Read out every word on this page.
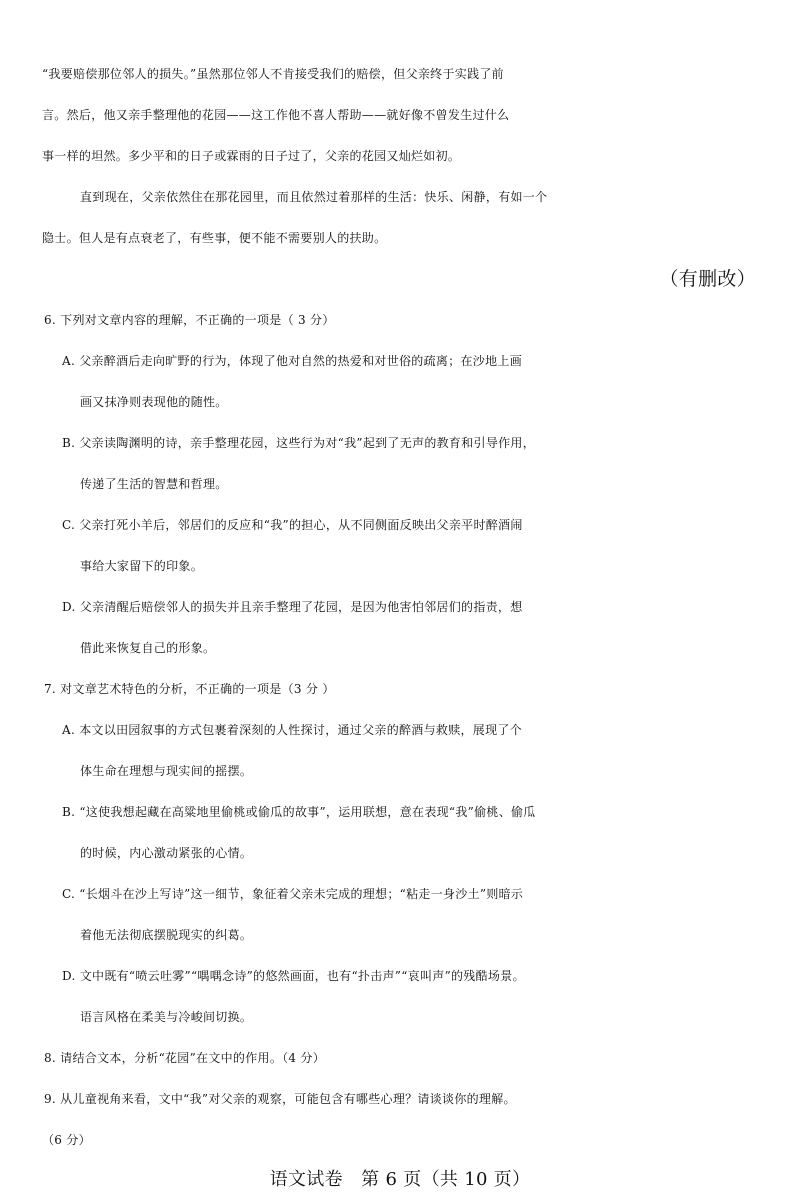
“我要赔偿那位邻人的损失。”虽然那位邻人不肯接受我们的赔偿，但父亲终于实践了前
言。然后，他又亲手整理他的花园——这工作他不喜人帮助——就好像不曾发生过什么
事一样的坦然。多少平和的日子或霖雨的日子过了，父亲的花园又灿烂如初。
直到现在，父亲依然住在那花园里，而且依然过着那样的生活：快乐、闲静，有如一个
隐士。但人是有点衰老了，有些事，便不能不需要别人的扶助。
（有删改）
6. 下列对文章内容的理解，不正确的一项是（ 3 分）
A. 父亲醉酒后走向旷野的行为，体现了他对自然的热爱和对世俗的疏离；在沙地上画
画又抹净则表现他的随性。
B. 父亲读陶渊明的诗，亲手整理花园，这些行为对“我”起到了无声的教育和引导作用，
传递了生活的智慧和哲理。
C. 父亲打死小羊后，邻居们的反应和“我”的担心，从不同侧面反映出父亲平时醉酒闹
事给大家留下的印象。
D. 父亲清醒后赔偿邻人的损失并且亲手整理了花园，是因为他害怕邻居们的指责，想
借此来恢复自己的形象。
7. 对文章艺术特色的分析，不正确的一项是（3 分 ）
A. 本文以田园叙事的方式包裹着深刻的人性探讨，通过父亲的醉酒与救赎，展现了个
体生命在理想与现实间的摇摆。
B. “这使我想起藏在高粱地里偷桃或偷瓜的故事”，运用联想，意在表现“我”偷桃、偷瓜
的时候，内心激动紧张的心情。
C. “长烟斗在沙上写诗”这一细节，象征着父亲未完成的理想；“粘走一身沙土”则暗示
着他无法彻底摆脱现实的纠葛。
D. 文中既有“喷云吐雾”“喁喁念诗”的悠然画面，也有“扑击声”“哀叫声”的残酷场景。
语言风格在柔美与冷峻间切换。
8. 请结合文本，分析“花园”在文中的作用。（4 分）
9. 从儿童视角来看，文中“我”对父亲的观察，可能包含有哪些心理？请谈谈你的理解。
（6 分）
语文试卷　第 6 页（共 10 页）
